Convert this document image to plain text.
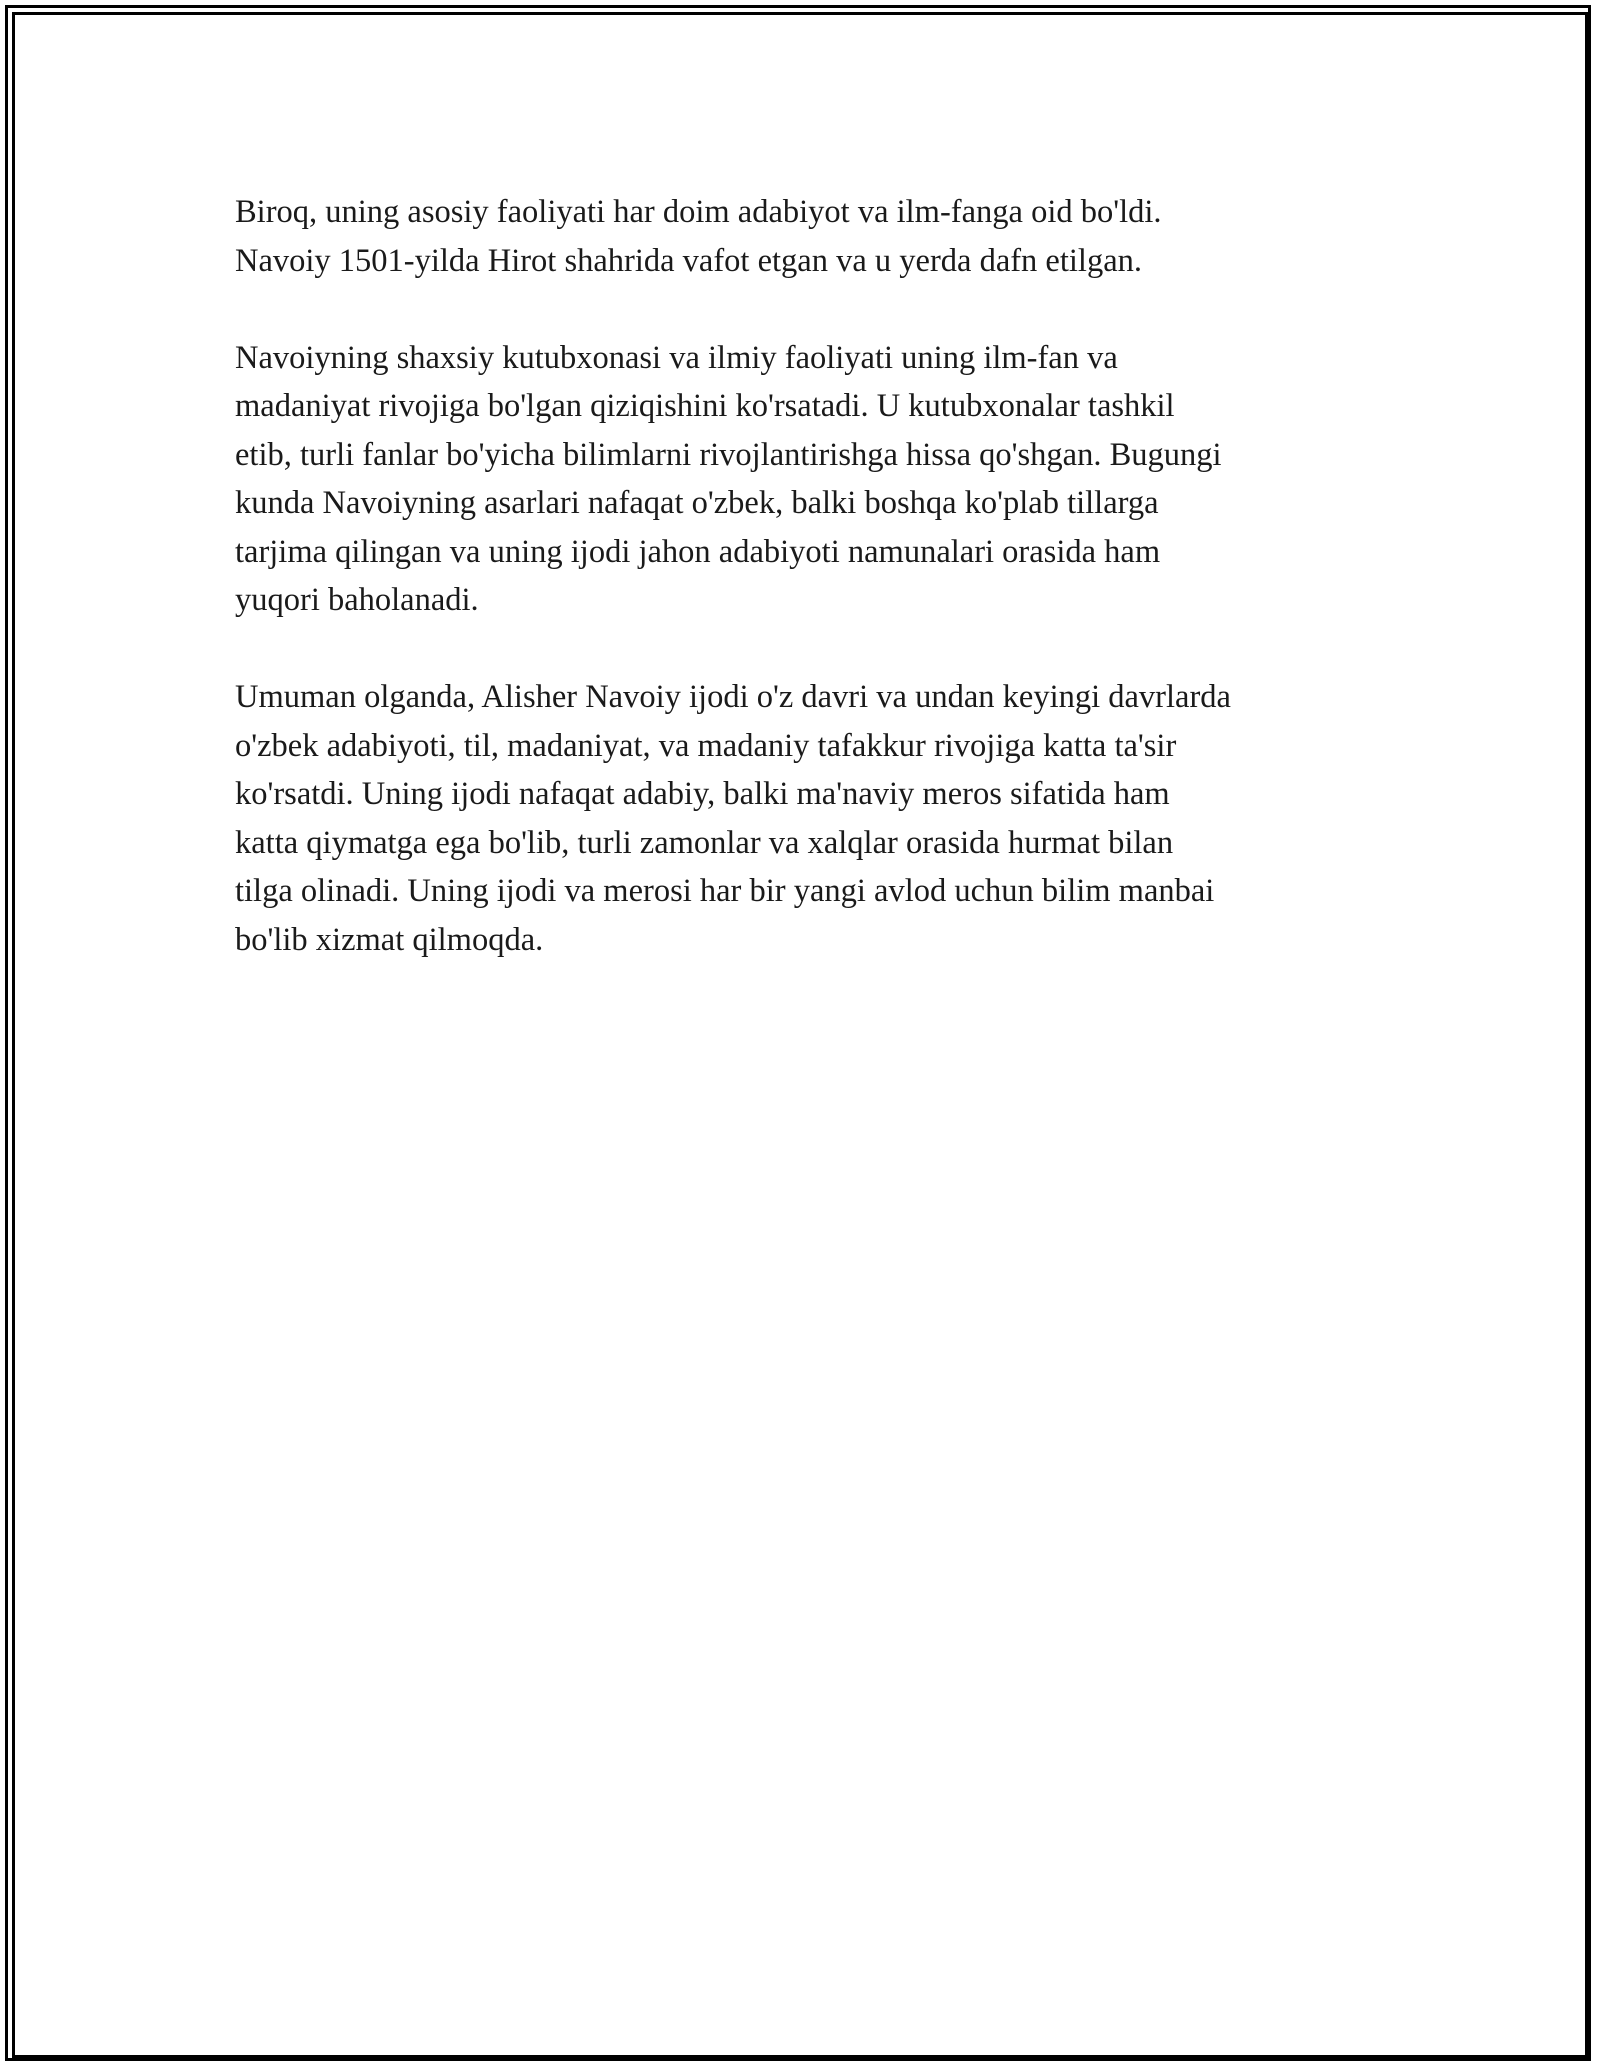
Biroq, uning asosiy faoliyati har doim adabiyot va ilm-fanga oid bo'ldi.
Navoiy 1501-yilda Hirot shahrida vafot etgan va u yerda dafn etilgan.

Navoiyning shaxsiy kutubxonasi va ilmiy faoliyati uning ilm-fan va
madaniyat rivojiga bo'lgan qiziqishini ko'rsatadi. U kutubxonalar tashkil
etib, turli fanlar bo'yicha bilimlarni rivojlantirishga hissa qo'shgan. Bugungi
kunda Navoiyning asarlari nafaqat o'zbek, balki boshqa ko'plab tillarga
tarjima qilingan va uning ijodi jahon adabiyoti namunalari orasida ham
yuqori baholanadi.

Umuman olganda, Alisher Navoiy ijodi o'z davri va undan keyingi davrlarda
o'zbek adabiyoti, til, madaniyat, va madaniy tafakkur rivojiga katta ta'sir
ko'rsatdi. Uning ijodi nafaqat adabiy, balki ma'naviy meros sifatida ham
katta qiymatga ega bo'lib, turli zamonlar va xalqlar orasida hurmat bilan
tilga olinadi. Uning ijodi va merosi har bir yangi avlod uchun bilim manbai
bo'lib xizmat qilmoqda.
